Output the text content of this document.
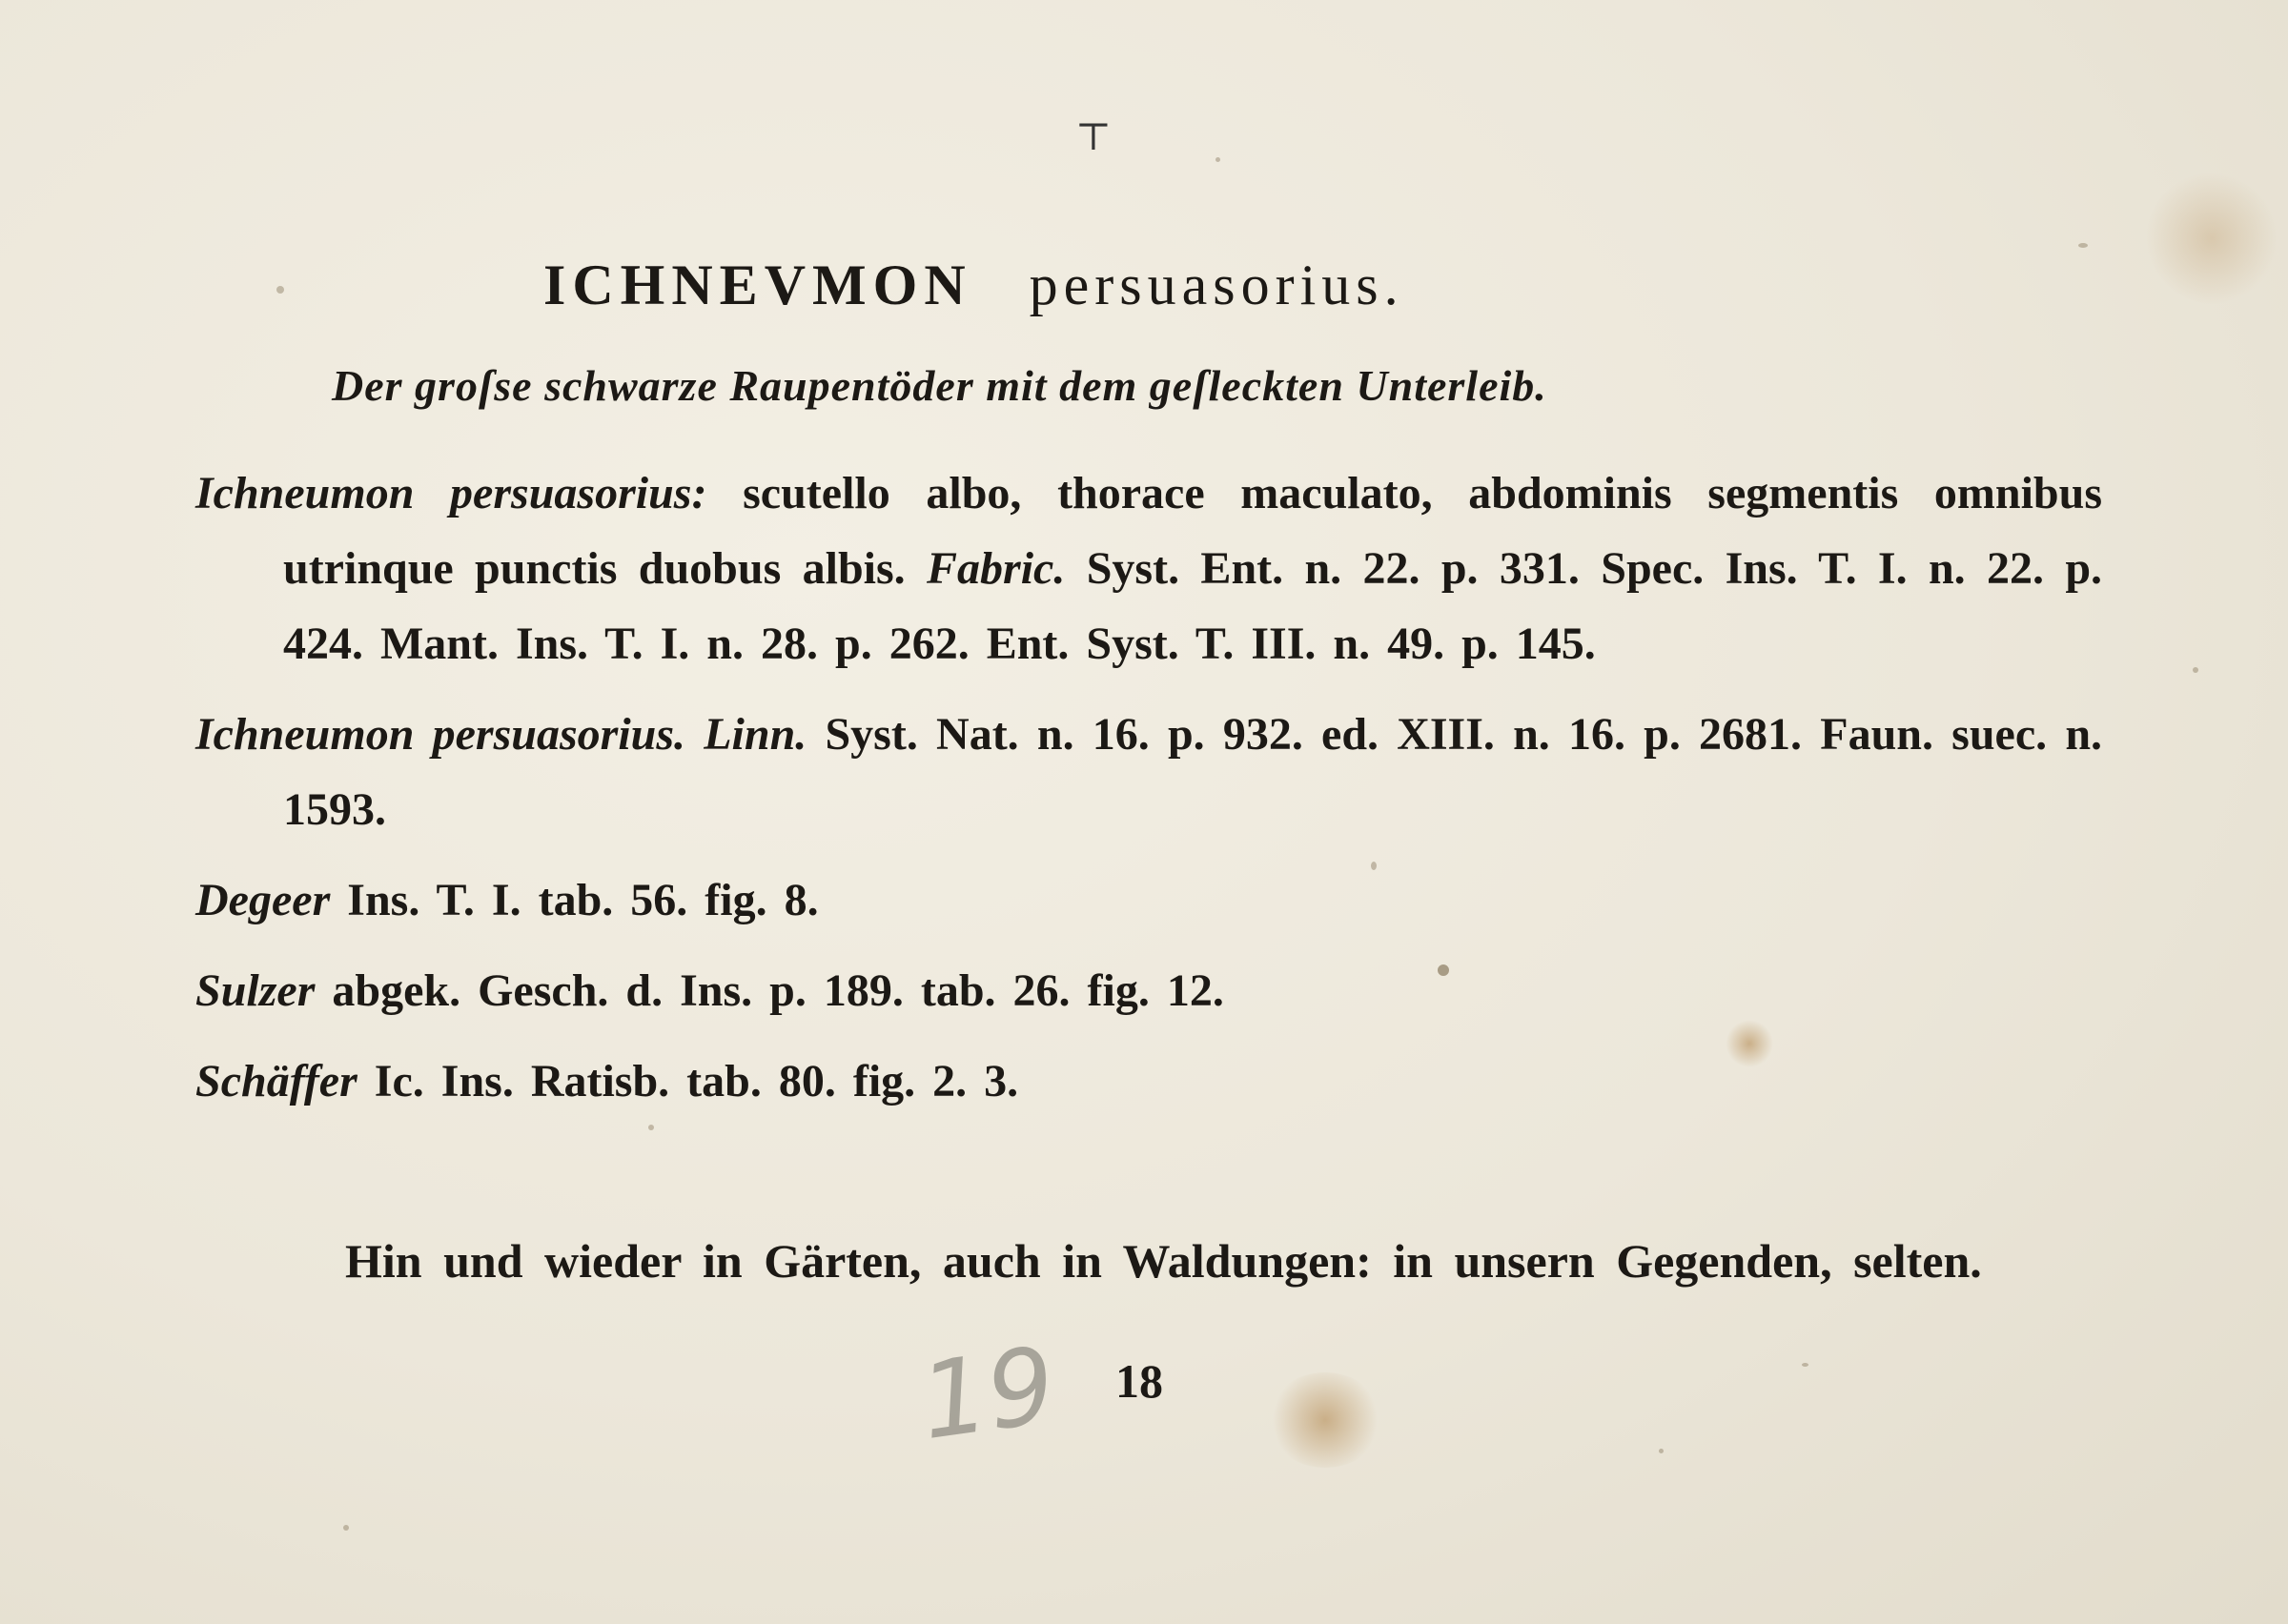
⊤
ICHNEVMON persuasorius.
Der groſse schwarze Raupentöder mit dem geſleckten Unterleib.
Ichneumon persuasorius: scutello albo, thorace maculato, abdominis segmentis omnibus utrinque punctis duobus albis. Fabric. Syst. Ent. n. 22. p. 331. Spec. Ins. T. I. n. 22. p. 424. Mant. Ins. T. I. n. 28. p. 262. Ent. Syst. T. III. n. 49. p. 145.
Ichneumon persuasorius. Linn. Syst. Nat. n. 16. p. 932. ed. XIII. n. 16. p. 2681. Faun. suec. n. 1593.
Degeer Ins. T. I. tab. 56. fig. 8.
Sulzer abgek. Gesch. d. Ins. p. 189. tab. 26. fig. 12.
Schäffer Ic. Ins. Ratisb. tab. 80. fig. 2. 3.
Hin und wieder in Gärten, auch in Waldungen: in unsern Gegenden, selten.
19 18
